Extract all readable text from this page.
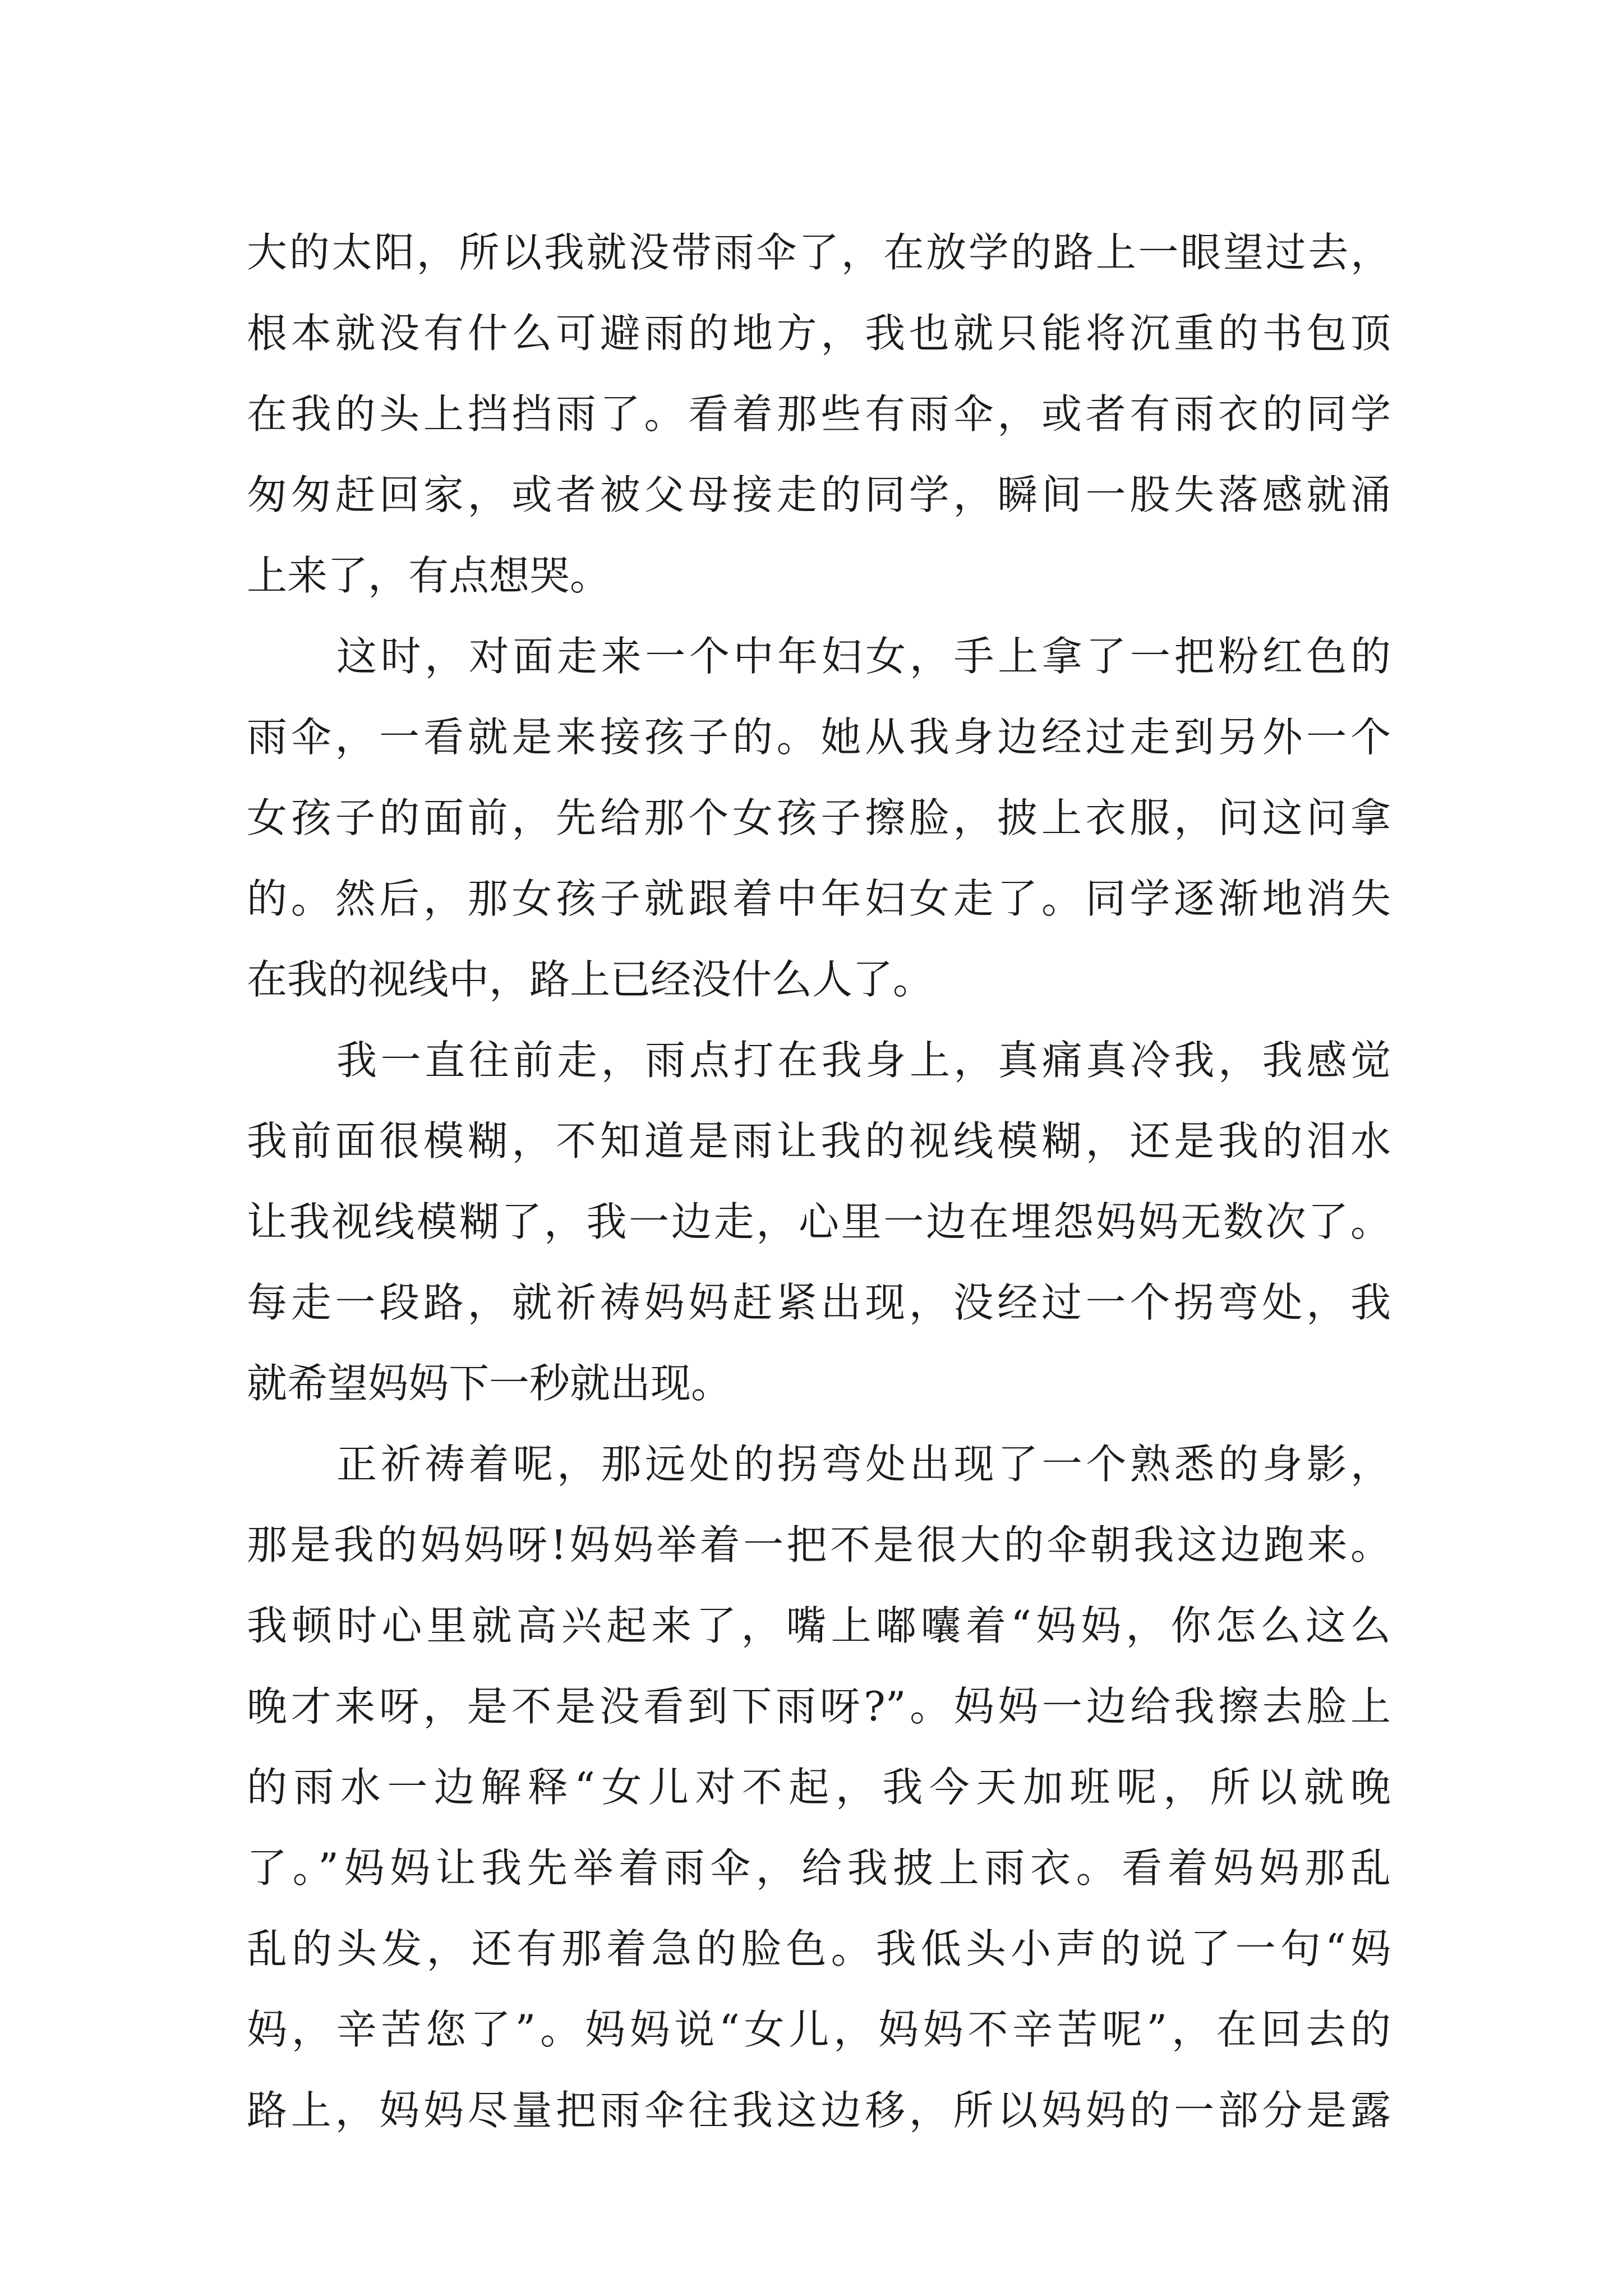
大的太阳，所以我就没带雨伞了，在放学的路上一眼望过去，
根本就没有什么可避雨的地方，我也就只能将沉重的书包顶
在我的头上挡挡雨了。看着那些有雨伞，或者有雨衣的同学
匆匆赶回家，或者被父母接走的同学，瞬间一股失落感就涌
上来了，有点想哭。
这时，对面走来一个中年妇女，手上拿了一把粉红色的
雨伞，一看就是来接孩子的。她从我身边经过走到另外一个
女孩子的面前，先给那个女孩子擦脸，披上衣服，问这问拿
的。然后，那女孩子就跟着中年妇女走了。同学逐渐地消失
在我的视线中，路上已经没什么人了。
我一直往前走，雨点打在我身上，真痛真冷我，我感觉
我前面很模糊，不知道是雨让我的视线模糊，还是我的泪水
让我视线模糊了，我一边走，心里一边在埋怨妈妈无数次了。
每走一段路，就祈祷妈妈赶紧出现，没经过一个拐弯处，我
就希望妈妈下一秒就出现。
正祈祷着呢，那远处的拐弯处出现了一个熟悉的身影，
那是我的妈妈呀!妈妈举着一把不是很大的伞朝我这边跑来。
我顿时心里就高兴起来了，嘴上嘟囔着“妈妈，你怎么这么
晚才来呀，是不是没看到下雨呀?”。妈妈一边给我擦去脸上
的雨水一边解释“女儿对不起，我今天加班呢，所以就晚
了。”妈妈让我先举着雨伞，给我披上雨衣。看着妈妈那乱
乱的头发，还有那着急的脸色。我低头小声的说了一句“妈
妈，辛苦您了”。妈妈说“女儿，妈妈不辛苦呢”，在回去的
路上，妈妈尽量把雨伞往我这边移，所以妈妈的一部分是露
